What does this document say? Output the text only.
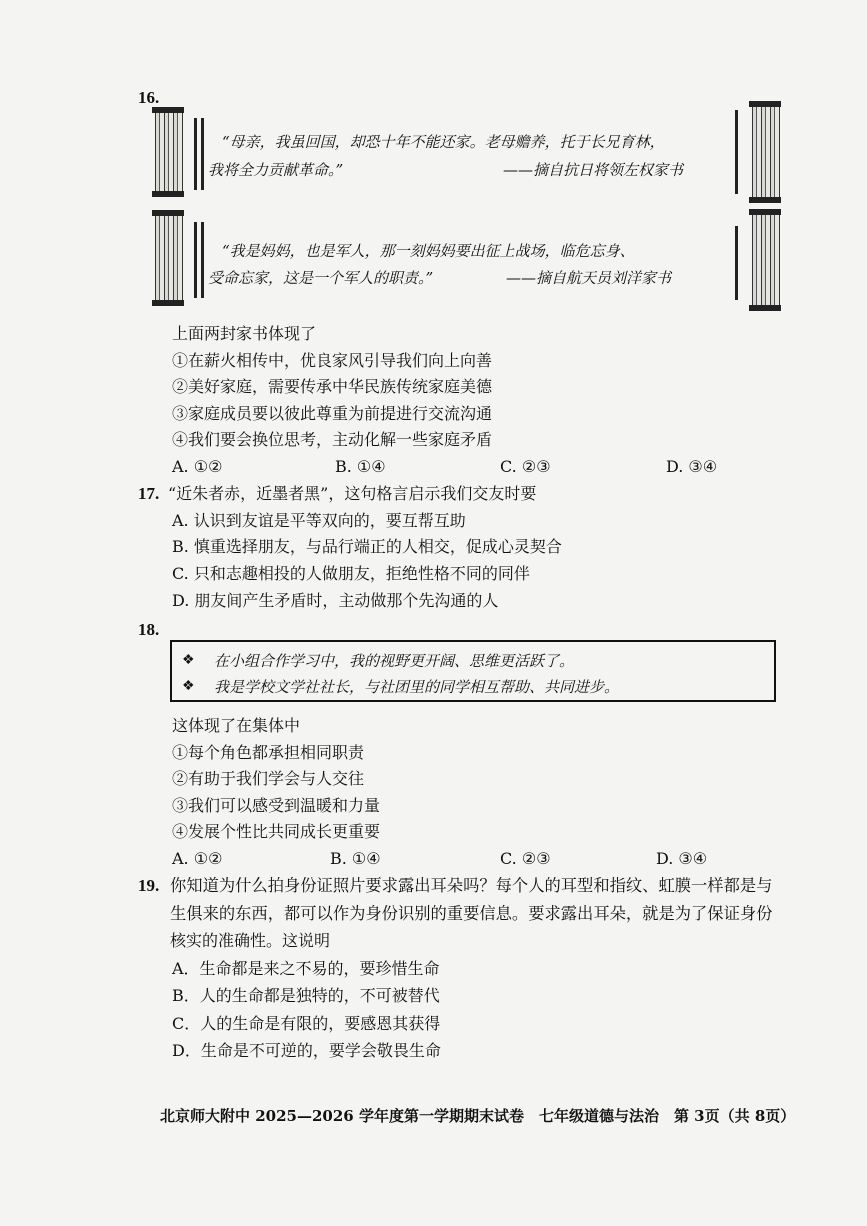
16.
“母亲，我虽回国，却恐十年不能还家。老母赡养，托于长兄育林，
我将全力贡献革命。”	——摘自抗日将领左权家书
“我是妈妈，也是军人，那一刻妈妈要出征上战场，临危忘身、
受命忘家，这是一个军人的职责。”	——摘自航天员刘洋家书
上面两封家书体现了
①在薪火相传中，优良家风引导我们向上向善
②美好家庭，需要传承中华民族传统家庭美德
③家庭成员要以彼此尊重为前提进行交流沟通
④我们要会换位思考，主动化解一些家庭矛盾
A. ①②	B. ①④	C. ②③	D. ③④
17. “近朱者赤，近墨者黑”，这句格言启示我们交友时要
A. 认识到友谊是平等双向的，要互帮互助
B. 慎重选择朋友，与品行端正的人相交，促成心灵契合
C. 只和志趣相投的人做朋友，拒绝性格不同的同伴
D. 朋友间产生矛盾时，主动做那个先沟通的人
18.
❖ 在小组合作学习中，我的视野更开阔、思维更活跃了。
❖ 我是学校文学社社长，与社团里的同学相互帮助、共同进步。
这体现了在集体中
①每个角色都承担相同职责
②有助于我们学会与人交往
③我们可以感受到温暖和力量
④发展个性比共同成长更重要
A. ①②	B. ①④	C. ②③	D. ③④
19. 你知道为什么拍身份证照片要求露出耳朵吗？每个人的耳型和指纹、虹膜一样都是与
生俱来的东西，都可以作为身份识别的重要信息。要求露出耳朵，就是为了保证身份
核实的准确性。这说明
A．生命都是来之不易的，要珍惜生命
B．人的生命都是独特的，不可被替代
C．人的生命是有限的，要感恩其获得
D．生命是不可逆的，要学会敬畏生命
北京师大附中 2025—2026 学年度第一学期期末试卷　七年级道德与法治　第 3页（共 8页）
